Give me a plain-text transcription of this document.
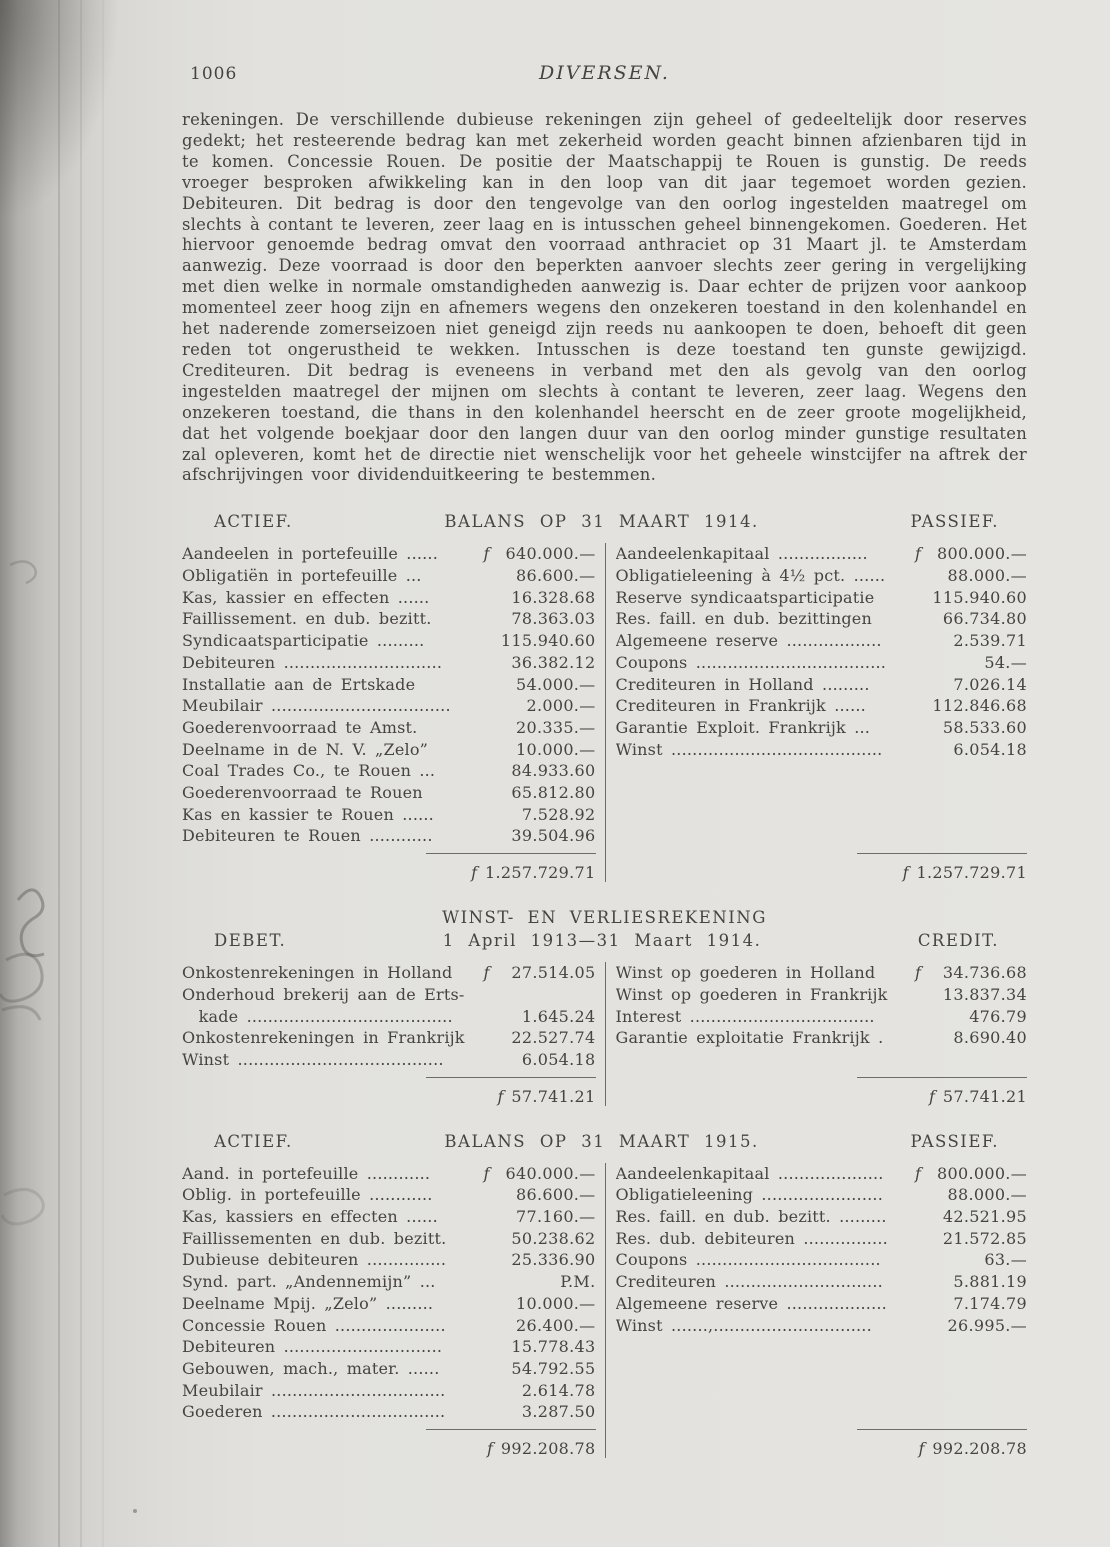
1006	DIVERSEN.

rekeningen. De verschillende dubieuse rekeningen zijn geheel of gedeeltelijk door reserves gedekt; het resteerende bedrag kan met zekerheid worden geacht binnen afzienbaren tijd in te komen. Concessie Rouen. De positie der Maatschappij te Rouen is gunstig. De reeds vroeger besproken afwikkeling kan in den loop van dit jaar tegemoet worden gezien. Debiteuren. Dit bedrag is door den tengevolge van den oorlog ingestelden maatregel om slechts à contant te leveren, zeer laag en is intusschen geheel binnengekomen. Goederen. Het hiervoor genoemde bedrag omvat den voorraad anthraciet op 31 Maart jl. te Amsterdam aanwezig. Deze voorraad is door den beperkten aanvoer slechts zeer gering in vergelijking met dien welke in normale omstandigheden aanwezig is. Daar echter de prijzen voor aankoop momenteel zeer hoog zijn en afnemers wegens den onzekeren toestand in den kolenhandel en het naderende zomerseizoen niet geneigd zijn reeds nu aankoopen te doen, behoeft dit geen reden tot ongerustheid te wekken. Intusschen is deze toestand ten gunste gewijzigd. Crediteuren. Dit bedrag is eveneens in verband met den als gevolg van den oorlog ingestelden maatregel der mijnen om slechts à contant te leveren, zeer laag. Wegens den onzekeren toestand, die thans in den kolenhandel heerscht en de zeer groote mogelijkheid, dat het volgende boekjaar door den langen duur van den oorlog minder gunstige resultaten zal opleveren, komt het de directie niet wenschelijk voor het geheele winstcijfer na aftrek der afschrijvingen voor dividenduitkeering te bestemmen.

ACTIEF.	BALANS OP 31 MAART 1914.	PASSIEF.
Aandeelen in portefeuille ......	f	640.000.—
Obligatiën in portefeuille ...	86.600.—
Kas, kassier en effecten ......	16.328.68
Faillissement. en dub. bezitt.	78.363.03
Syndicaatsparticipatie .........	115.940.60
Debiteuren ..............................	36.382.12
Installatie aan de Ertskade	54.000.—
Meubilair ..................................	2.000.—
Goederenvoorraad te Amst.	20.335.—
Deelname in de N. V. „Zelo”	10.000.—
Coal Trades Co., te Rouen ...	84.933.60
Goederenvoorraad te Rouen	65.812.80
Kas en kassier te Rouen ......	7.528.92
Debiteuren te Rouen ............	39.504.96
f 1.257.729.71
Aandeelenkapitaal .................	f	800.000.—
Obligatieleening à 4½ pct. ......	88.000.—
Reserve syndicaatsparticipatie	115.940.60
Res. faill. en dub. bezittingen	66.734.80
Algemeene reserve ..................	2.539.71
Coupons ....................................	54.—
Crediteuren in Holland .........	7.026.14
Crediteuren in Frankrijk ......	112.846.68
Garantie Exploit. Frankrijk ...	58.533.60
Winst ........................................	6.054.18
f 1.257.729.71
WINST- EN VERLIESREKENING
DEBET.	1 April 1913—31 Maart 1914.	CREDIT.
Onkostenrekeningen in Holland	f	27.514.05
Onderhoud brekerij aan de Erts-
kade .......................................	1.645.24
Onkostenrekeningen in Frankrijk	22.527.74
Winst .......................................	6.054.18
f 57.741.21
Winst op goederen in Holland	f	34.736.68
Winst op goederen in Frankrijk	13.837.34
Interest ...................................	476.79
Garantie exploitatie Frankrijk .	8.690.40
f 57.741.21
ACTIEF.	BALANS OP 31 MAART 1915.	PASSIEF.
Aand. in portefeuille ............	f	640.000.—
Oblig. in portefeuille ............	86.600.—
Kas, kassiers en effecten ......	77.160.—
Faillissementen en dub. bezitt.	50.238.62
Dubieuse debiteuren ...............	25.336.90
Synd. part. „Andennemijn” ...	P.M.
Deelname Mpij. „Zelo” .........	10.000.—
Concessie Rouen .....................	26.400.—
Debiteuren ..............................	15.778.43
Gebouwen, mach., mater. ......	54.792.55
Meubilair .................................	2.614.78
Goederen .................................	3.287.50
f 992.208.78
Aandeelenkapitaal ....................	f	800.000.—
Obligatieleening .......................	88.000.—
Res. faill. en dub. bezitt. .........	42.521.95
Res. dub. debiteuren ................	21.572.85
Coupons ...................................	63.—
Crediteuren ..............................	5.881.19
Algemeene reserve ...................	7.174.79
Winst .......,..............................	26.995.—
f 992.208.78
